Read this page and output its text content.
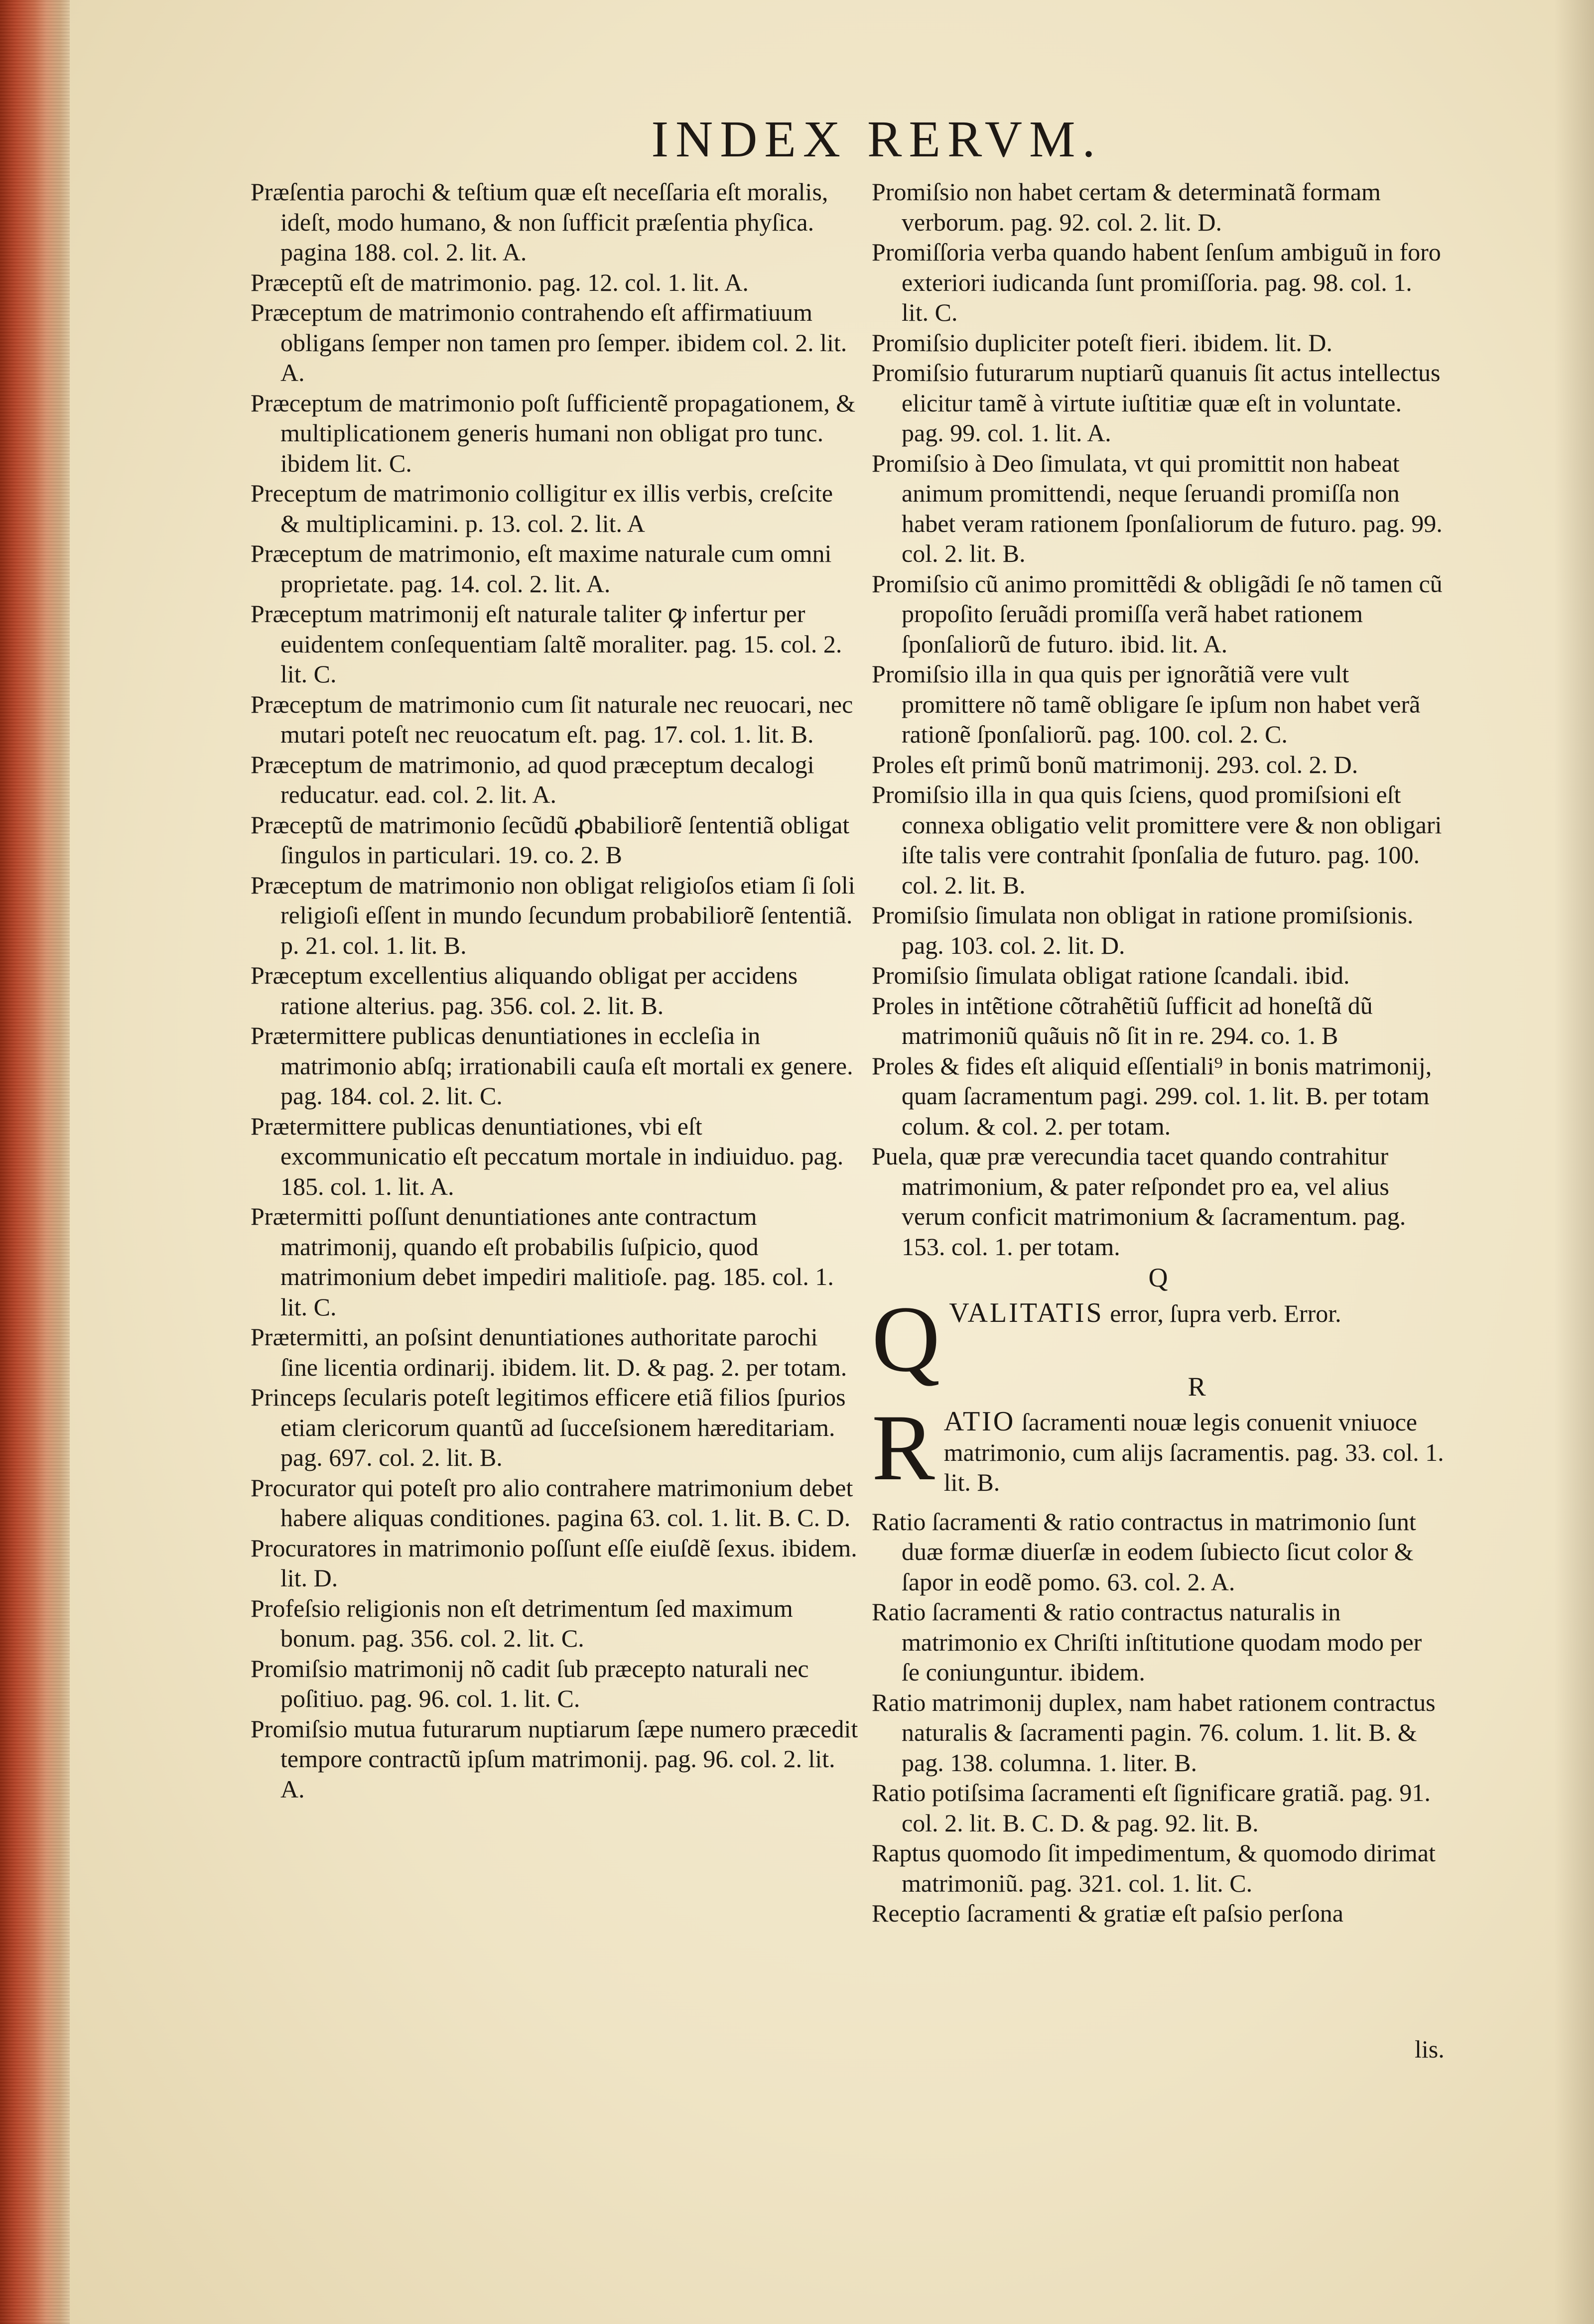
INDEX RERVM.

Præſentia parochi & teſtium quæ eſt neceſſaria eſt moralis, ideſt, modo humano, & non ſufficit præſentia phyſica. pagina 188. col. 2. lit. A.

Præceptũ eſt de matrimonio. pag. 12. col. 1. lit. A.

Præceptum de matrimonio contrahendo eſt affirmatiuum obligans ſemper non tamen pro ſemper. ibidem col. 2. lit. A.

Præceptum de matrimonio poſt ſufficientẽ propagationem, & multiplicationem generis humani non obligat pro tunc. ibidem lit. C.

Preceptum de matrimonio colligitur ex illis verbis, creſcite & multiplicamini. p. 13. col. 2. lit. A

Præceptum de matrimonio, eſt maxime naturale cum omni proprietate. pag. 14. col. 2. lit. A.

Præceptum matrimonij eſt naturale taliter ꝙ infertur per euidentem conſequentiam ſaltẽ moraliter. pag. 15. col. 2. lit. C.

Præceptum de matrimonio cum ſit naturale nec reuocari, nec mutari poteſt nec reuocatum eſt. pag. 17. col. 1. lit. B.

Præceptum de matrimonio, ad quod præceptum decalogi reducatur. ead. col. 2. lit. A.

Præceptũ de matrimonio ſecũdũ ꝓbabiliorẽ ſententiã obligat ſingulos in particulari. 19. co. 2. B

Præceptum de matrimonio non obligat religioſos etiam ſi ſoli religioſi eſſent in mundo ſecundum probabiliorẽ ſententiã. p. 21. col. 1. lit. B.

Præceptum excellentius aliquando obligat per accidens ratione alterius. pag. 356. col. 2. lit. B.

Prætermittere publicas denuntiationes in eccleſia in matrimonio abſq; irrationabili cauſa eſt mortali ex genere. pag. 184. col. 2. lit. C.

Prætermittere publicas denuntiationes, vbi eſt excommunicatio eſt peccatum mortale in indiuiduo. pag. 185. col. 1. lit. A.

Prætermitti poſſunt denuntiationes ante contractum matrimonij, quando eſt probabilis ſuſpicio, quod matrimonium debet impediri malitioſe. pag. 185. col. 1. lit. C.

Prætermitti, an poſsint denuntiationes authoritate parochi ſine licentia ordinarij. ibidem. lit. D. & pag. 2. per totam.

Princeps ſecularis poteſt legitimos efficere etiã filios ſpurios etiam clericorum quantũ ad ſucceſsionem hæreditariam. pag. 697. col. 2. lit. B.

Procurator qui poteſt pro alio contrahere matrimonium debet habere aliquas conditiones. pagina 63. col. 1. lit. B. C. D.

Procuratores in matrimonio poſſunt eſſe eiuſdẽ ſexus. ibidem. lit. D.

Profeſsio religionis non eſt detrimentum ſed maximum bonum. pag. 356. col. 2. lit. C.

Promiſsio matrimonij nõ cadit ſub præcepto naturali nec poſitiuo. pag. 96. col. 1. lit. C.

Promiſsio mutua futurarum nuptiarum ſæpe numero præcedit tempore contractũ ipſum matrimonij. pag. 96. col. 2. lit. A.

Promiſsio non habet certam & determinatã formam verborum. pag. 92. col. 2. lit. D.

Promiſſoria verba quando habent ſenſum ambiguũ in foro exteriori iudicanda ſunt promiſſoria. pag. 98. col. 1. lit. C.

Promiſsio dupliciter poteſt fieri. ibidem. lit. D.

Promiſsio futurarum nuptiarũ quanuis ſit actus intellectus elicitur tamẽ à virtute iuſtitiæ quæ eſt in voluntate. pag. 99. col. 1. lit. A.

Promiſsio à Deo ſimulata, vt qui promittit non habeat animum promittendi, neque ſeruandi promiſſa non habet veram rationem ſponſaliorum de futuro. pag. 99. col. 2. lit. B.

Promiſsio cũ animo promittẽdi & obligãdi ſe nõ tamen cũ propoſito ſeruãdi promiſſa verã habet rationem ſponſaliorũ de futuro. ibid. lit. A.

Promiſsio illa in qua quis per ignorãtiã vere vult promittere nõ tamẽ obligare ſe ipſum non habet verã rationẽ ſponſaliorũ. pag. 100. col. 2. C.

Proles eſt primũ bonũ matrimonij. 293. col. 2. D.

Promiſsio illa in qua quis ſciens, quod promiſsioni eſt connexa obligatio velit promittere vere & non obligari iſte talis vere contrahit ſponſalia de futuro. pag. 100. col. 2. lit. B.

Promiſsio ſimulata non obligat in ratione promiſsionis. pag. 103. col. 2. lit. D.

Promiſsio ſimulata obligat ratione ſcandali. ibid.

Proles in intẽtione cõtrahẽtiũ ſufficit ad honeſtã dũ matrimoniũ quãuis nõ ſit in re. 294. co. 1. B

Proles & fides eſt aliquid eſſentiali⁹ in bonis matrimonij, quam ſacramentum pagi. 299. col. 1. lit. B. per totam colum. & col. 2. per totam.

Puela, quæ præ verecundia tacet quando contrahitur matrimonium, & pater reſpondet pro ea, vel alius verum conficit matrimonium & ſacramentum. pag. 153. col. 1. per totam.

Q
Q VALITATIS error, ſupra verb. Error.
R
R ATIO ſacramenti nouæ legis conuenit vniuoce matrimonio, cum alijs ſacramentis. pag. 33. col. 1. lit. B.

Ratio ſacramenti & ratio contractus in matrimonio ſunt duæ formæ diuerſæ in eodem ſubiecto ſicut color & ſapor in eodẽ pomo. 63. col. 2. A.

Ratio ſacramenti & ratio contractus naturalis in matrimonio ex Chriſti inſtitutione quodam modo per ſe coniunguntur. ibidem.

Ratio matrimonij duplex, nam habet rationem contractus naturalis & ſacramenti pagin. 76. colum. 1. lit. B. & pag. 138. columna. 1. liter. B.

Ratio potiſsima ſacramenti eſt ſignificare gratiã. pag. 91. col. 2. lit. B. C. D. & pag. 92. lit. B.

Raptus quomodo ſit impedimentum, & quomodo dirimat matrimoniũ. pag. 321. col. 1. lit. C.

Receptio ſacramenti & gratiæ eſt paſsio perſona

lis.
